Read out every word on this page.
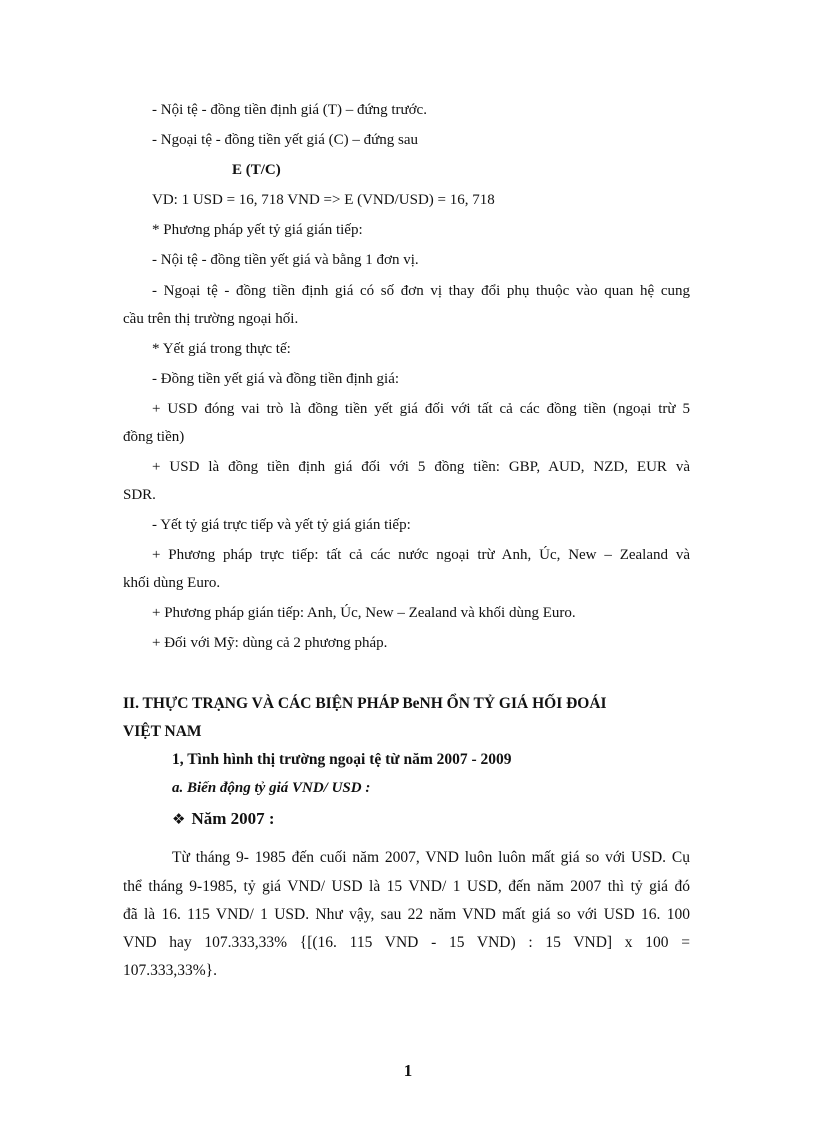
- Nội tệ - đồng tiền định giá (T) – đứng trước.
- Ngoại tệ - đồng tiền yết giá (C) – đứng sau
E (T/C)
VD: 1 USD = 16, 718 VND => E (VND/USD) = 16, 718
* Phương pháp yết tỷ giá gián tiếp:
- Nội tệ - đồng tiền yết giá và bằng 1 đơn vị.
- Ngoại tệ - đồng tiền định giá có số đơn vị thay đổi phụ thuộc vào quan hệ cung
cầu trên thị trường ngoại hối.
* Yết giá trong thực tế:
- Đồng tiền yết giá và đồng tiền định giá:
+ USD đóng vai trò là đồng tiền yết giá đối với tất cả các đồng tiền (ngoại trừ 5
đồng tiền)
+ USD là đồng tiền định giá đối với 5 đồng tiền: GBP, AUD, NZD, EUR và
SDR.
- Yết tỷ giá trực tiếp và yết tỷ giá gián tiếp:
+ Phương pháp trực tiếp: tất cả các nước ngoại trừ Anh, Úc, New – Zealand và
khối dùng Euro.
+ Phương pháp gián tiếp: Anh, Úc, New – Zealand và khối dùng Euro.
+ Đối với Mỹ: dùng cả 2 phương pháp.
II. THỰC TRẠNG VÀ CÁC BIỆN PHÁP BeNH ỔN TỶ GIÁ HỐI ĐOÁI
VIỆT NAM
1, Tình hình thị trường ngoại tệ từ năm 2007 - 2009
a. Biến động tỷ giá VND/ USD :
❖ Năm 2007 :
Từ tháng 9- 1985 đến cuối năm 2007, VND luôn luôn mất giá so với USD. Cụ
thể tháng 9-1985, tỷ giá VND/ USD là 15 VND/ 1 USD, đến năm 2007 thì tỷ giá đó
đã là 16. 115 VND/ 1 USD. Như vậy, sau 22 năm VND mất giá so với USD 16. 100
VND hay 107.333,33% {[(16. 115 VND - 15 VND) : 15 VND] x 100 =
107.333,33%}.
1
